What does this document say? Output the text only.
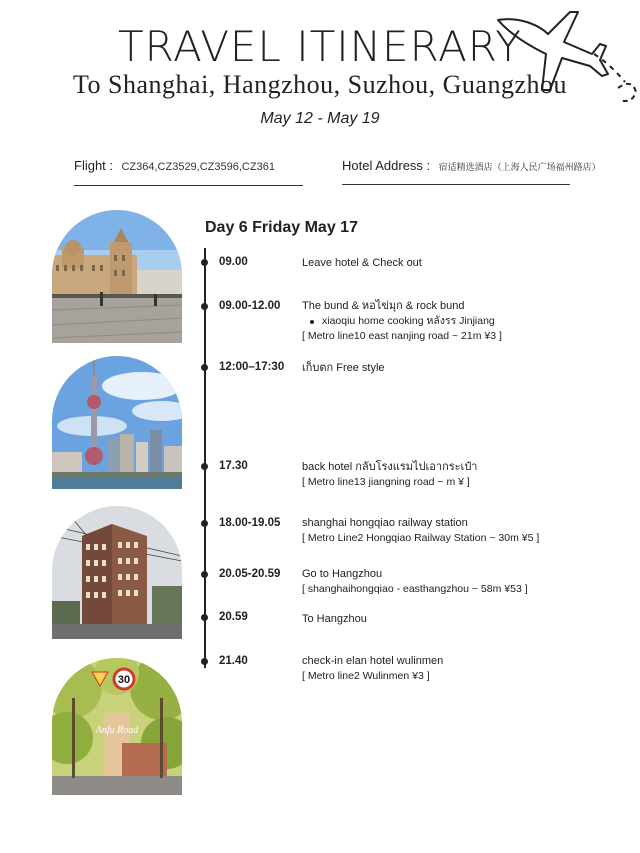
TRAVEL ITINERARY
To Shanghai, Hangzhou, Suzhou, Guangzhou
May 12 - May 19
Flight : CZ364,CZ3529,CZ3596,CZ361	Hotel Address : 宿适精选酒店（上海人民广场福州路店）
30
Anfu Road
Day 6 Friday May 17
09.00	Leave hotel & Check out
09.00-12.00 The bund & หอไข่มุก & rock bund
xiaoqiu home cooking หลังรร Jinjiang
[ Metro line10 east nanjing road ~ 21m ¥3 ]
12:00–17:30 เก็บตก Free style
17.30	back hotel กลับโรงแรมไปเอากระเป๋า
[ Metro line13 jiangning road ~ m ¥ ]
18.00-19.05 shanghai hongqiao railway station
[ Metro Line2 Hongqiao Railway Station ~ 30m ¥5 ]
20.05-20.59 Go to Hangzhou
[ shanghaihongqiao - easthangzhou ~ 58m ¥53 ]
20.59	To Hangzhou
21.40	check-in elan hotel wulinmen
[ Metro line2 Wulinmen ¥3 ]
